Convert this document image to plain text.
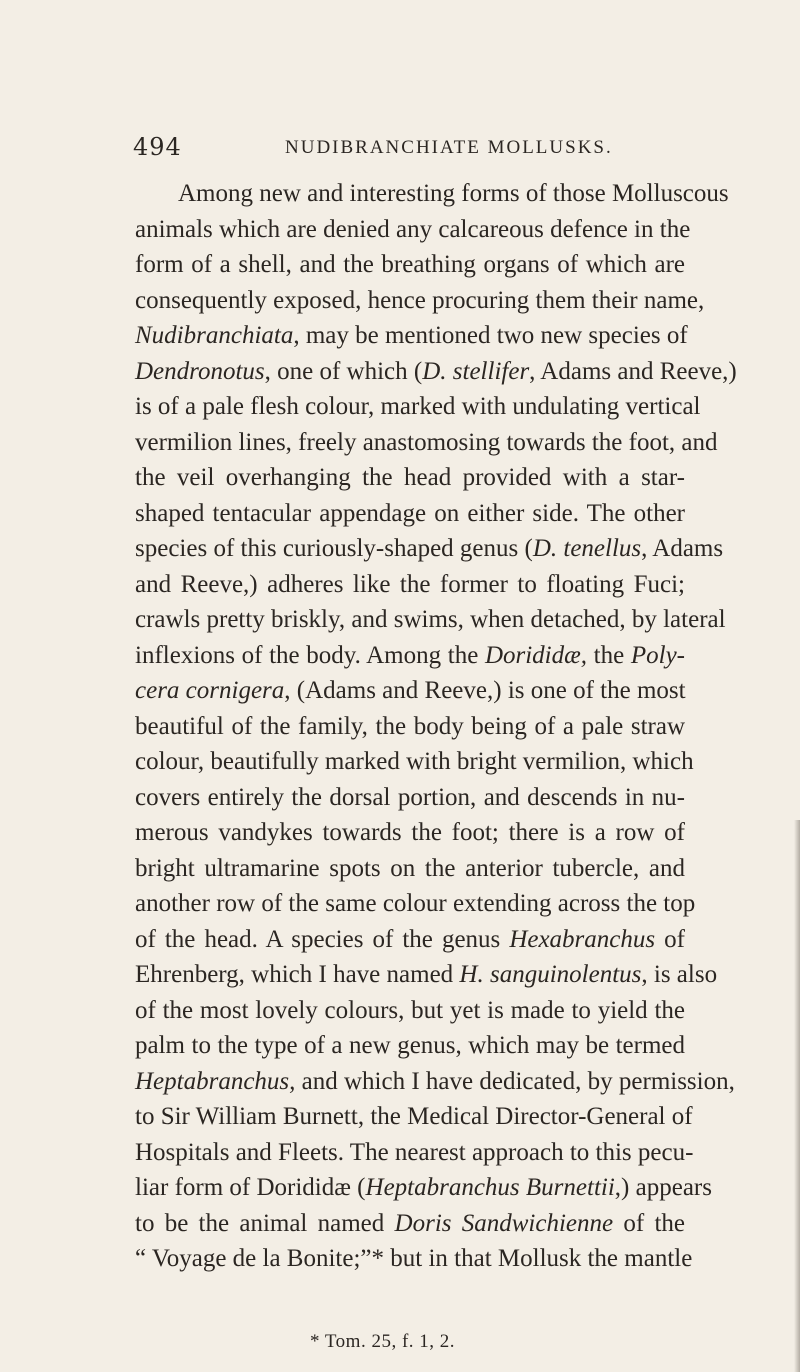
494	NUDIBRANCHIATE MOLLUSKS.
Among new and interesting forms of those Molluscous
animals which are denied any calcareous defence in the
form of a shell, and the breathing organs of which are
consequently exposed, hence procuring them their name,
Nudibranchiata, may be mentioned two new species of
Dendronotus, one of which (D. stellifer, Adams and Reeve,)
is of a pale flesh colour, marked with undulating vertical
vermilion lines, freely anastomosing towards the foot, and
the veil overhanging the head provided with a star-
shaped tentacular appendage on either side. The other
species of this curiously-shaped genus (D. tenellus, Adams
and Reeve,) adheres like the former to floating Fuci;
crawls pretty briskly, and swims, when detached, by lateral
inflexions of the body. Among the Dorididæ, the Poly-
cera cornigera, (Adams and Reeve,) is one of the most
beautiful of the family, the body being of a pale straw
colour, beautifully marked with bright vermilion, which
covers entirely the dorsal portion, and descends in nu-
merous vandykes towards the foot; there is a row of
bright ultramarine spots on the anterior tubercle, and
another row of the same colour extending across the top
of the head. A species of the genus Hexabranchus of
Ehrenberg, which I have named H. sanguinolentus, is also
of the most lovely colours, but yet is made to yield the
palm to the type of a new genus, which may be termed
Heptabranchus, and which I have dedicated, by permission,
to Sir William Burnett, the Medical Director-General of
Hospitals and Fleets. The nearest approach to this pecu-
liar form of Dorididæ (Heptabranchus Burnettii,) appears
to be the animal named Doris Sandwichienne of the
“ Voyage de la Bonite;”* but in that Mollusk the mantle
* Tom. 25, f. 1, 2.
